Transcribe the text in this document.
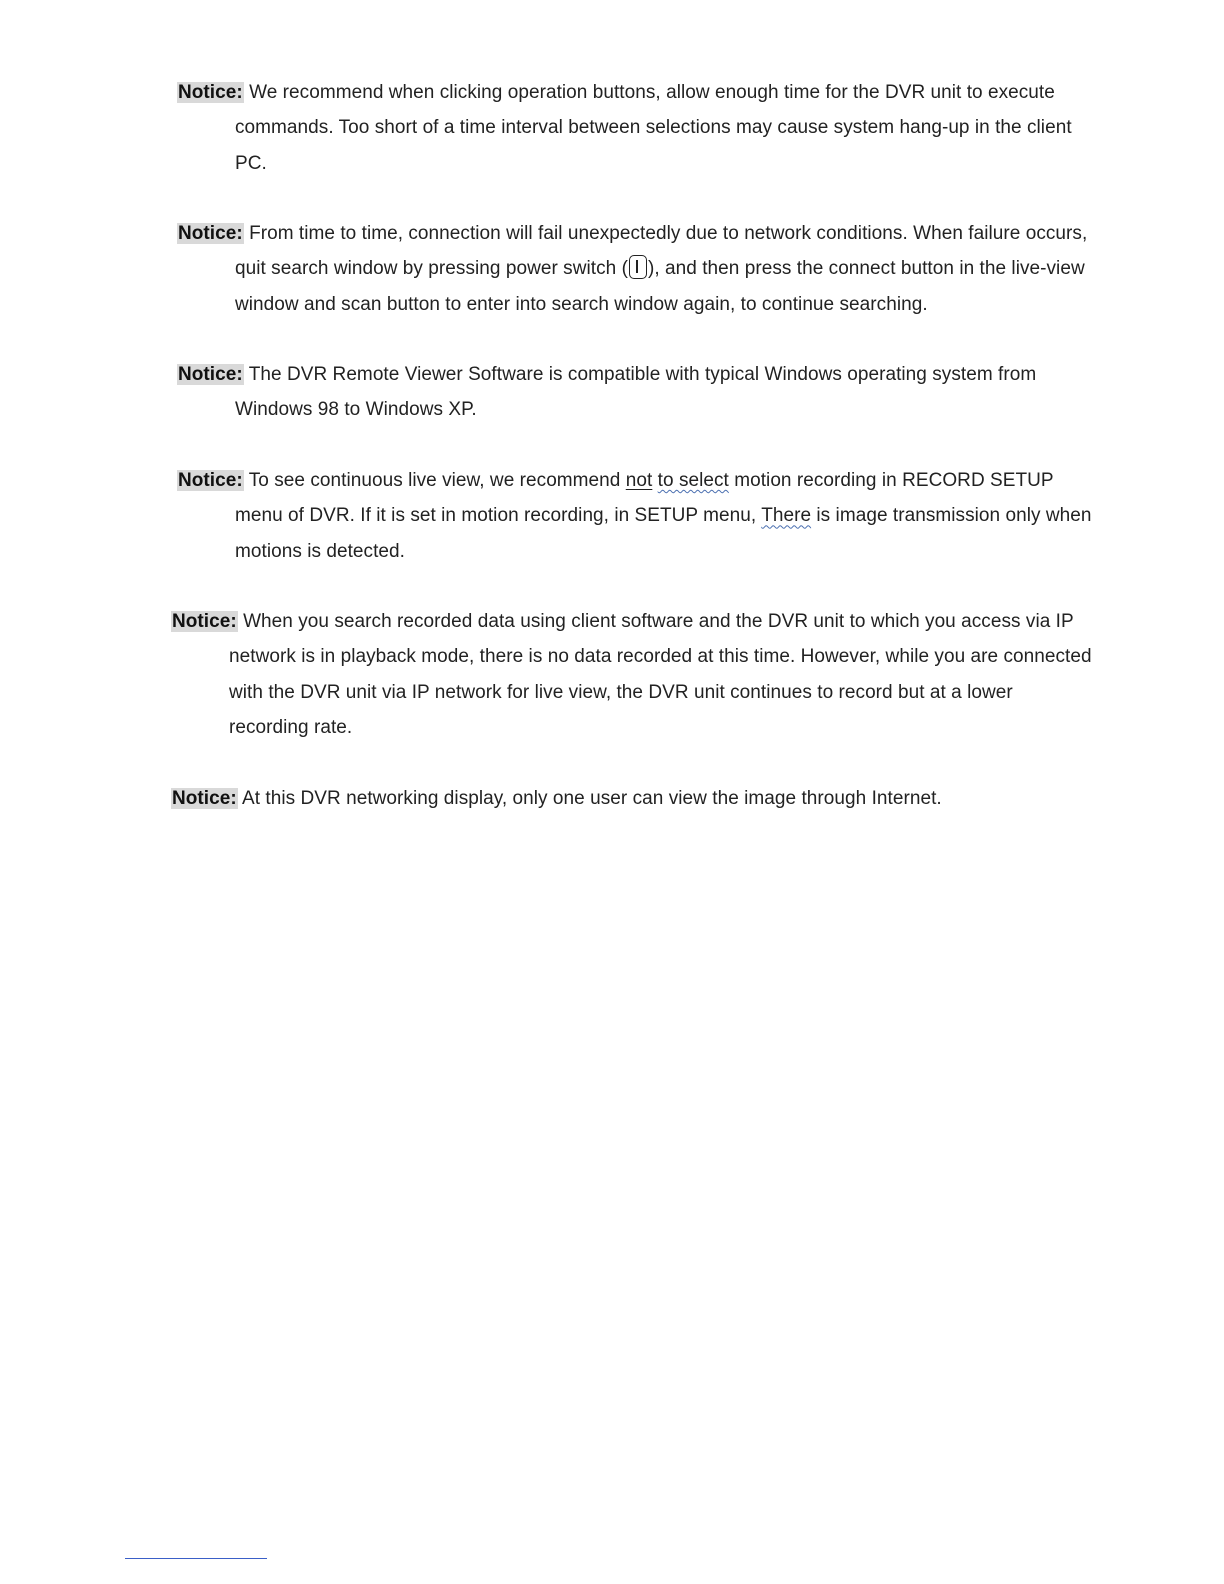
Notice: We recommend when clicking operation buttons, allow enough time for the DVR unit to execute commands. Too short of a time interval between selections may cause system hang-up in the client PC.

Notice: From time to time, connection will fail unexpectedly due to network conditions. When failure occurs, quit search window by pressing power switch ( ), and then press the connect button in the live-view window and scan button to enter into search window again, to continue searching.

Notice: The DVR Remote Viewer Software is compatible with typical Windows operating system from Windows 98 to Windows XP.

Notice: To see continuous live view, we recommend not to select motion recording in RECORD SETUP menu of DVR. If it is set in motion recording, in SETUP menu, There is image transmission only when motions is detected.

Notice: When you search recorded data using client software and the DVR unit to which you access via IP network is in playback mode, there is no data recorded at this time. However, while you are connected with the DVR unit via IP network for live view, the DVR unit continues to record but at a lower recording rate.

Notice: At this DVR networking display, only one user can view the image through Internet.
